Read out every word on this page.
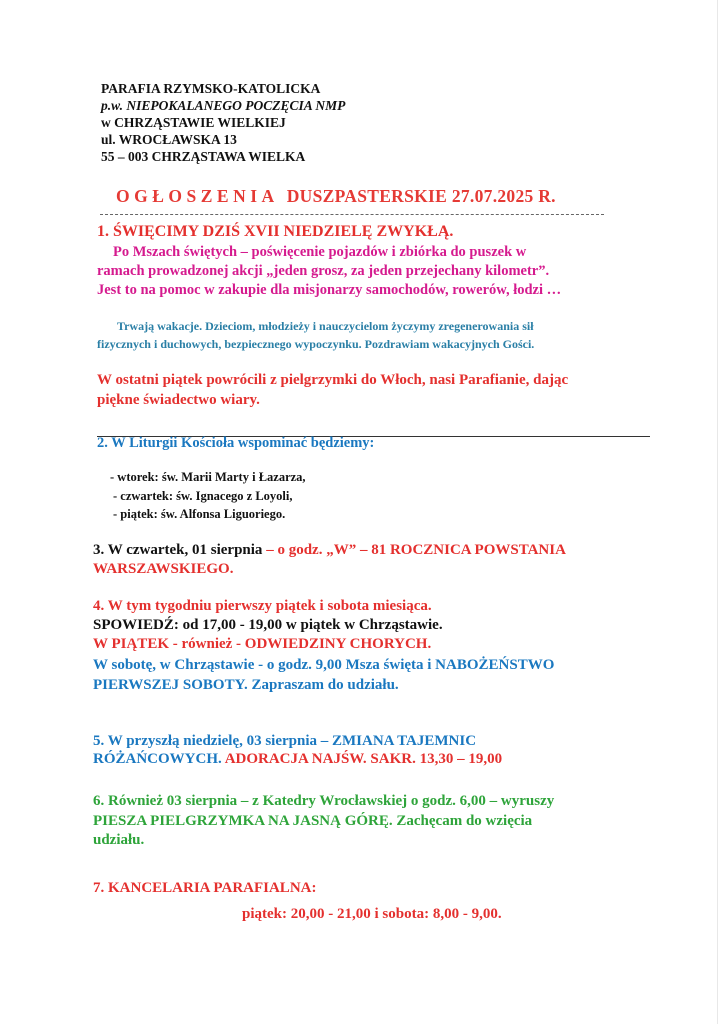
PARAFIA RZYMSKO-KATOLICKA
p.w. NIEPOKALANEGO POCZĘCIA NMP
w CHRZĄSTAWIE WIELKIEJ
ul. WROCŁAWSKA 13
55 – 003 CHRZĄSTAWA WIELKA
OGŁOSZENIA DUSZPASTERSKIE 27.07.2025 R.
1. ŚWIĘCIMY DZIŚ XVII NIEDZIELĘ ZWYKŁĄ.
Po Mszach świętych – poświęcenie pojazdów i zbiórka do puszek w
ramach prowadzonej akcji „jeden grosz, za jeden przejechany kilometr”.
Jest to na pomoc w zakupie dla misjonarzy samochodów, rowerów, łodzi …
Trwają wakacje. Dzieciom, młodzieży i nauczycielom życzymy zregenerowania sił
fizycznych i duchowych, bezpiecznego wypoczynku. Pozdrawiam wakacyjnych Gości.
W ostatni piątek powrócili z pielgrzymki do Włoch, nasi Parafianie, dając
piękne świadectwo wiary.
2. W Liturgii Kościoła wspominać będziemy:
- wtorek: św. Marii Marty i Łazarza,
- czwartek: św. Ignacego z Loyoli,
- piątek: św. Alfonsa Liguoriego.
3. W czwartek, 01 sierpnia – o godz. „W” – 81 ROCZNICA POWSTANIA
WARSZAWSKIEGO.
4. W tym tygodniu pierwszy piątek i sobota miesiąca.
SPOWIEDŹ: od 17,00 - 19,00 w piątek w Chrząstawie.
W PIĄTEK - również - ODWIEDZINY CHORYCH.
W sobotę, w Chrząstawie - o godz. 9,00 Msza święta i NABOŻEŃSTWO
PIERWSZEJ SOBOTY. Zapraszam do udziału.
5. W przyszłą niedzielę, 03 sierpnia – ZMIANA TAJEMNIC
RÓŻAŃCOWYCH. ADORACJA NAJŚW. SAKR. 13,30 – 19,00
6. Również 03 sierpnia – z Katedry Wrocławskiej o godz. 6,00 – wyruszy
PIESZA PIELGRZYMKA NA JASNĄ GÓRĘ. Zachęcam do wzięcia
udziału.
7. KANCELARIA PARAFIALNA:
piątek: 20,00 - 21,00 i sobota: 8,00 - 9,00.
